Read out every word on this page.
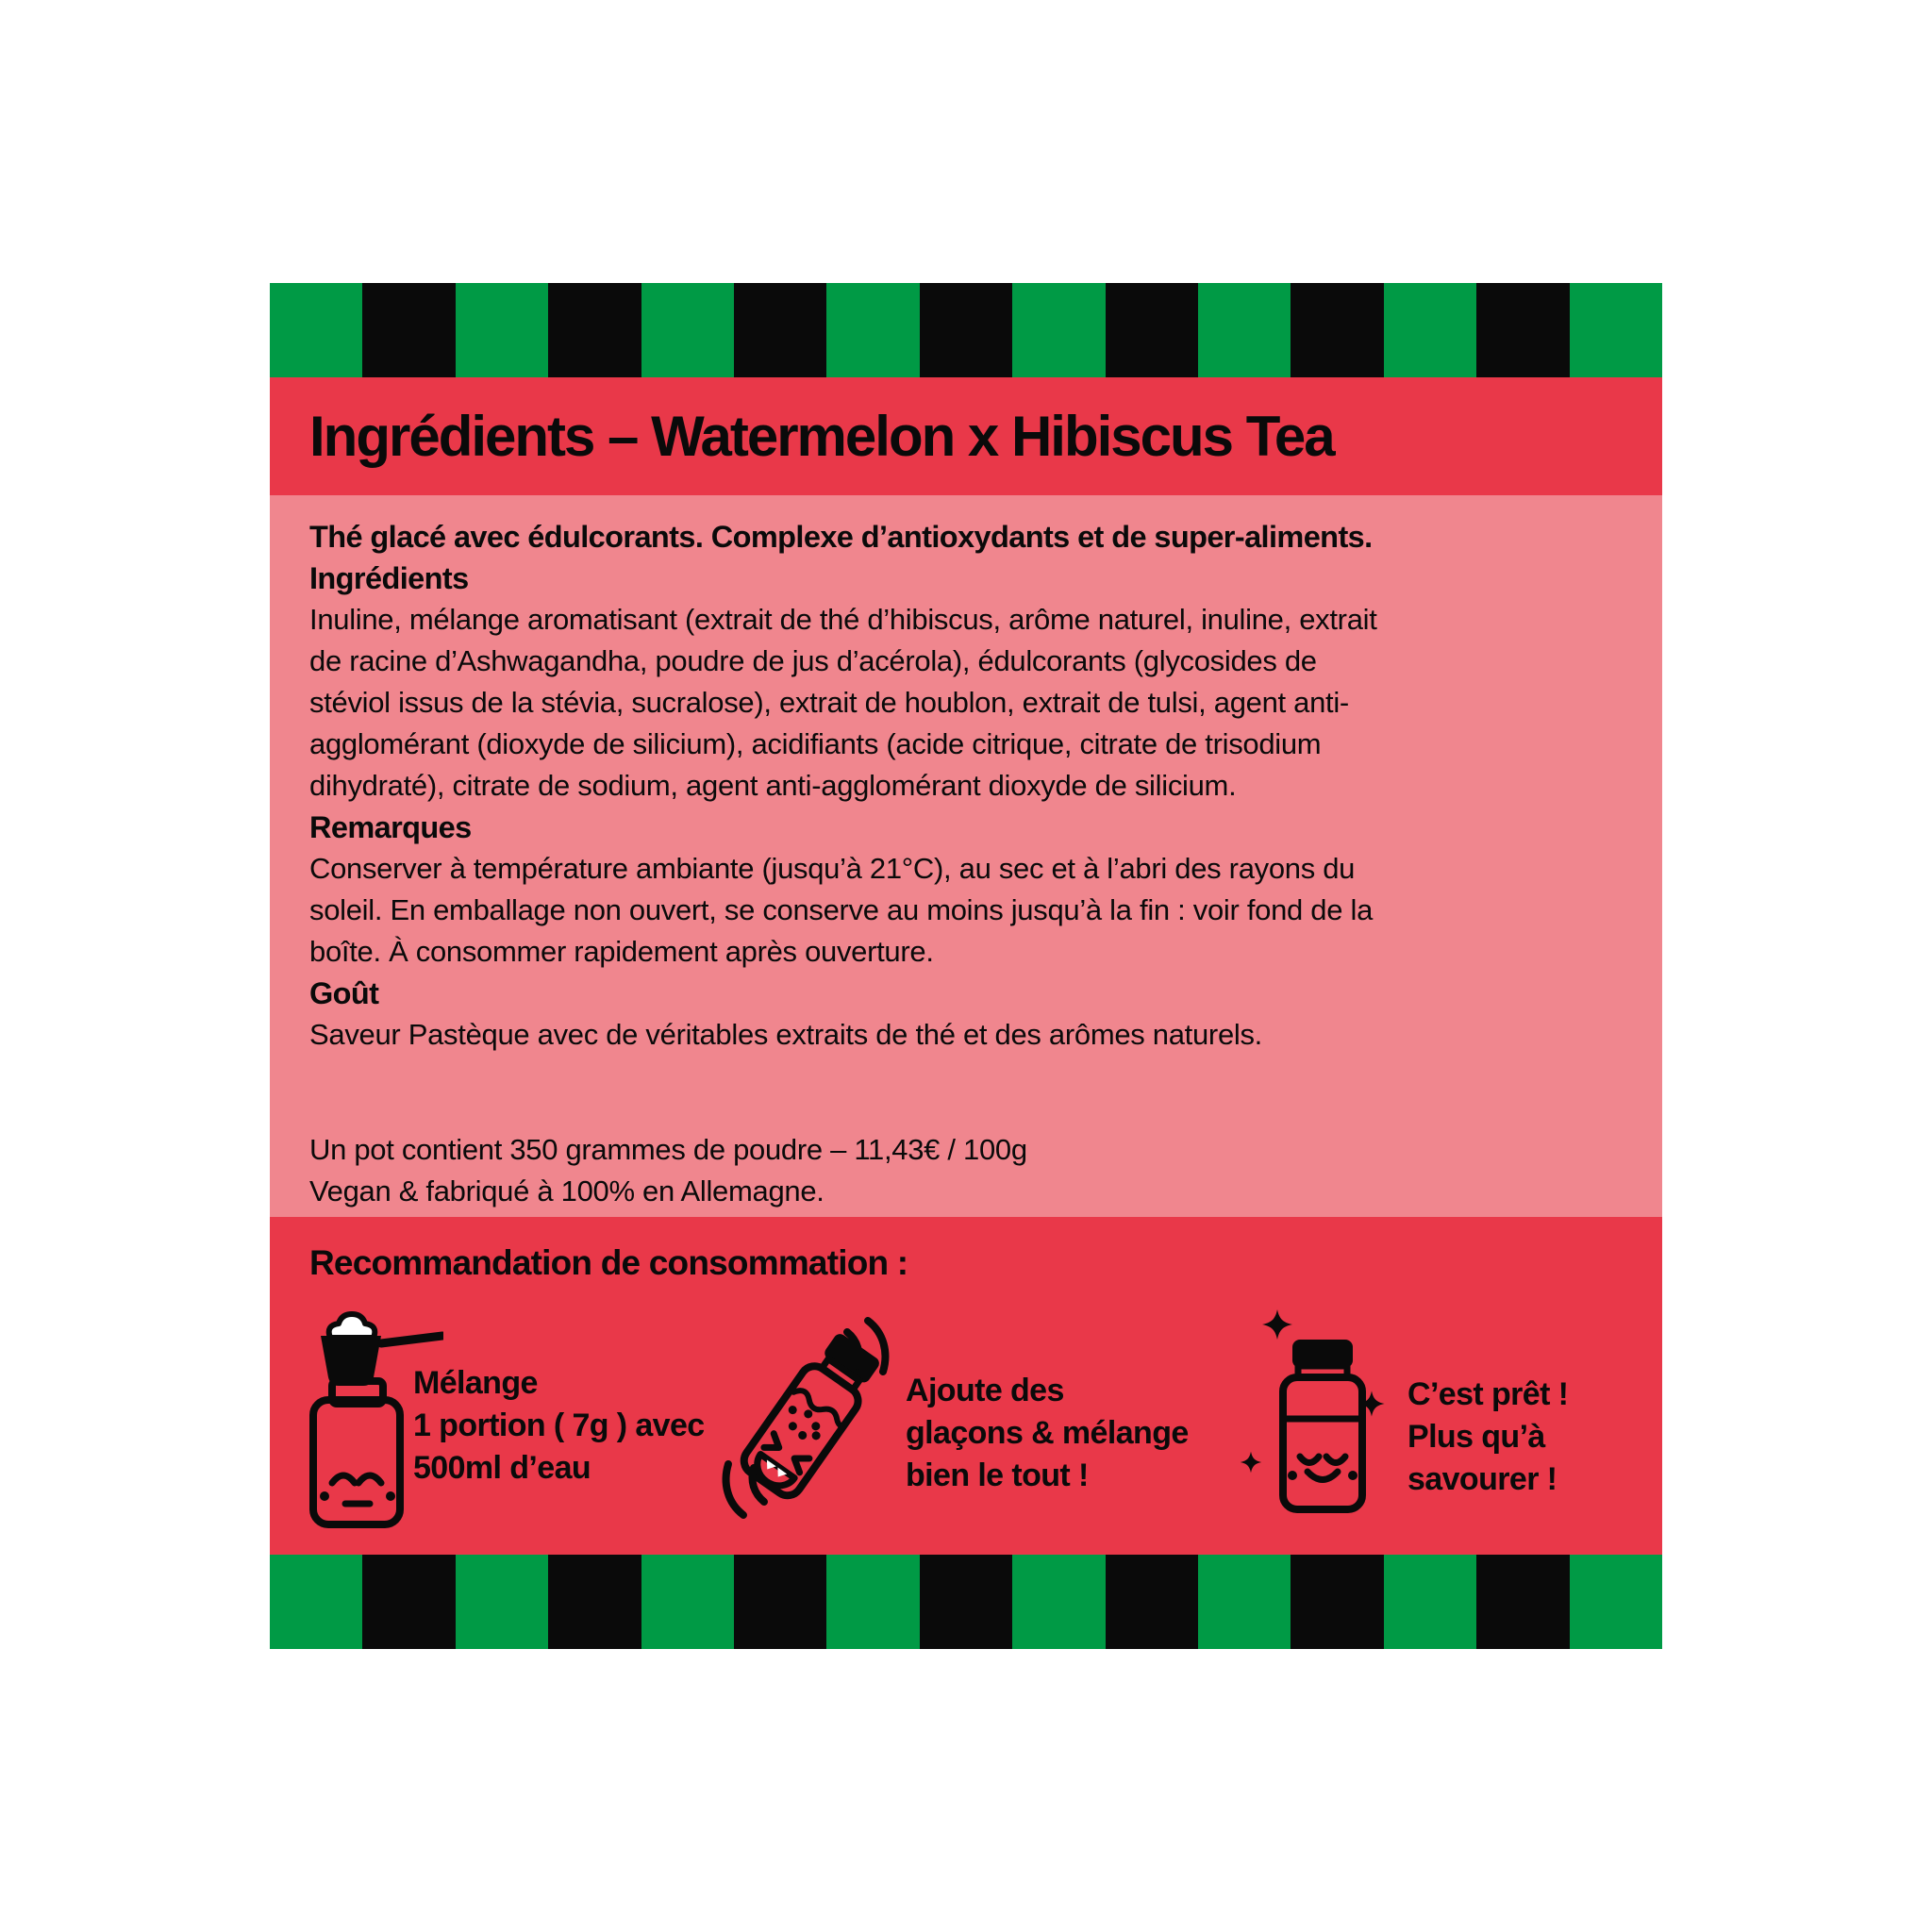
Ingrédients – Watermelon x Hibiscus Tea
Thé glacé avec édulcorants. Complexe d’antioxydants et de super-aliments.
Ingrédients
Inuline, mélange aromatisant (extrait de thé d’hibiscus, arôme naturel, inuline, extrait
de racine d’Ashwagandha, poudre de jus d’acérola), édulcorants (glycosides de
stéviol issus de la stévia, sucralose), extrait de houblon, extrait de tulsi, agent anti-
agglomérant (dioxyde de silicium), acidifiants (acide citrique, citrate de trisodium
dihydraté), citrate de sodium, agent anti-agglomérant dioxyde de silicium.
Remarques
Conserver à température ambiante (jusqu’à 21°C), au sec et à l’abri des rayons du
soleil. En emballage non ouvert, se conserve au moins jusqu’à la fin : voir fond de la
boîte. À consommer rapidement après ouverture.
Goût
Saveur Pastèque avec de véritables extraits de thé et des arômes naturels.
Un pot contient 350 grammes de poudre – 11,43€ / 100g
Vegan & fabriqué à 100% en Allemagne.
Recommandation de consommation :
Mélange
1 portion ( 7g ) avec
500ml d’eau
Ajoute des
glaçons & mélange
bien le tout !
C’est prêt !
Plus qu’à
savourer !
